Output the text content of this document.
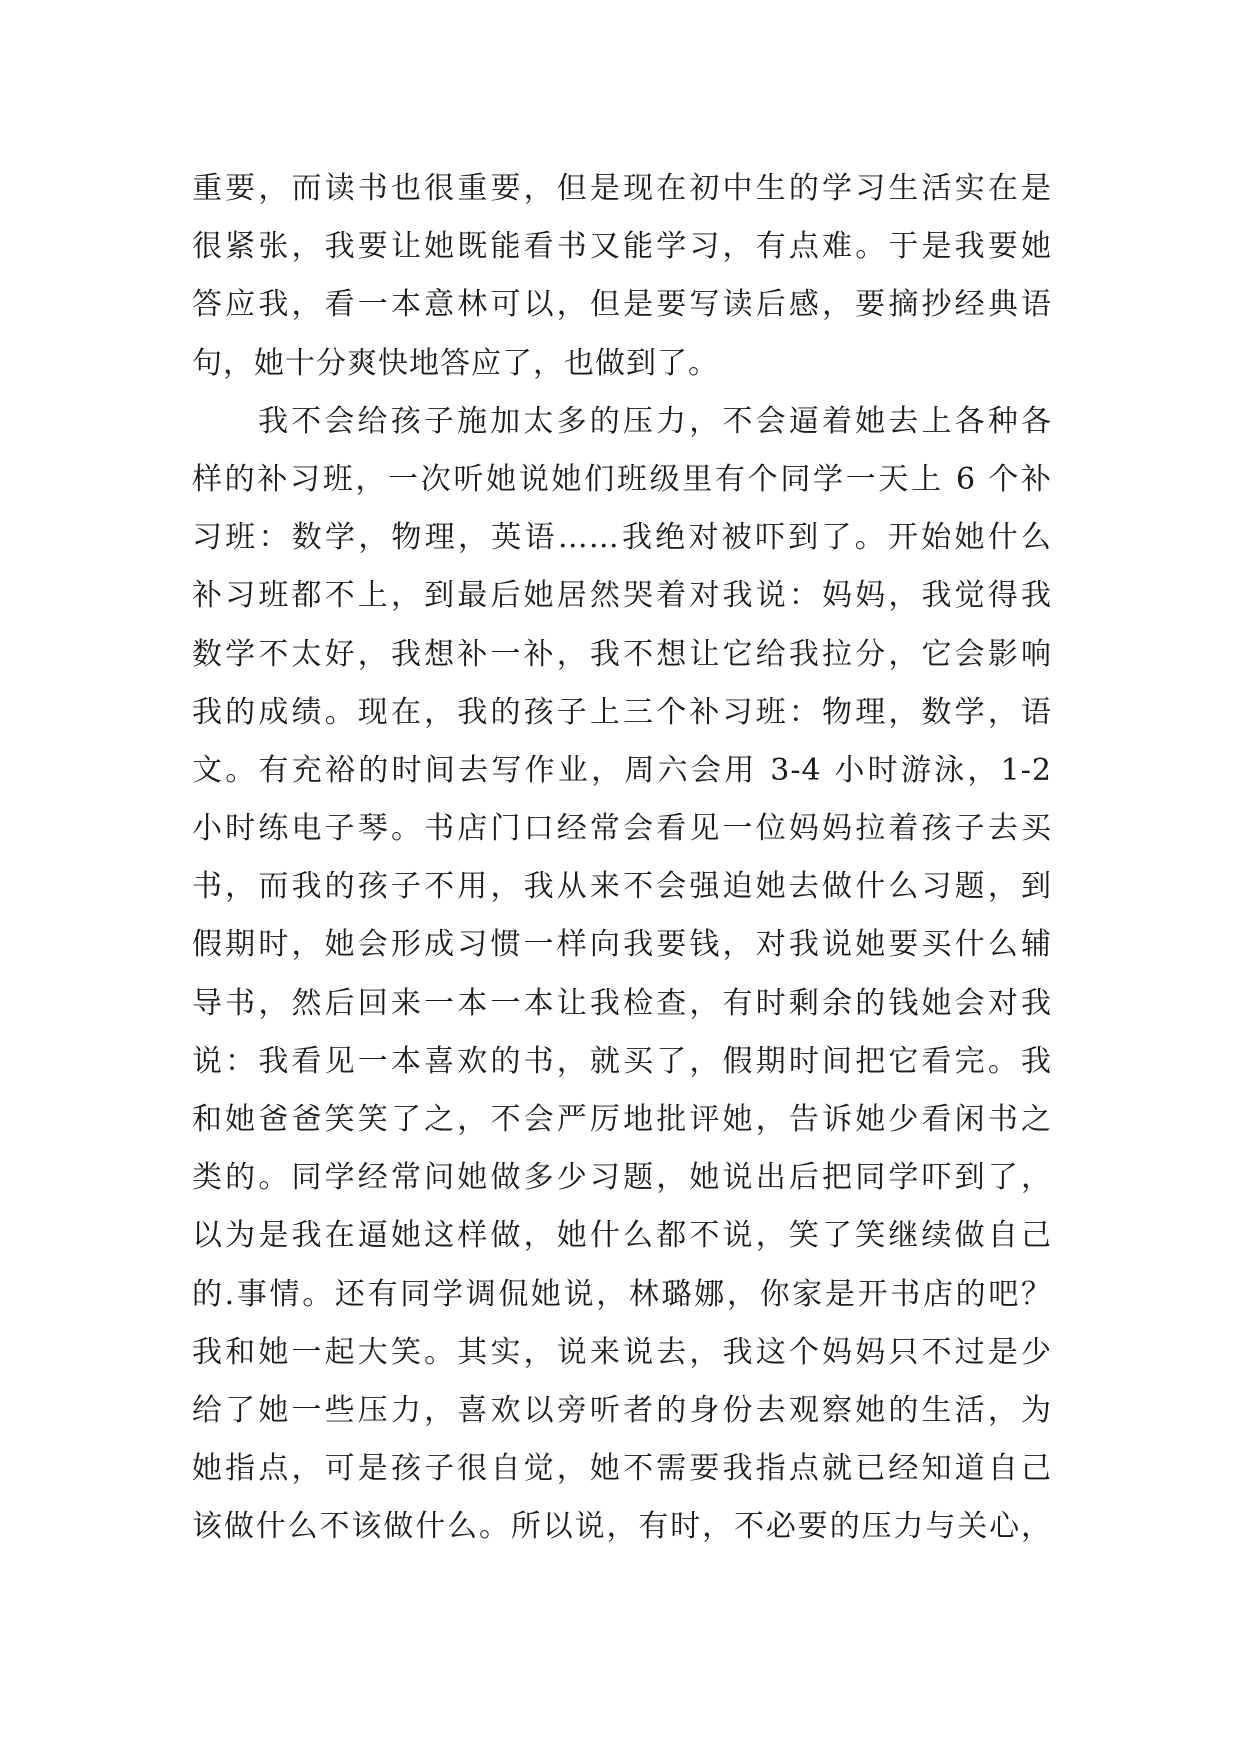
重要，而读书也很重要，但是现在初中生的学习生活实在是
很紧张，我要让她既能看书又能学习，有点难。于是我要她
答应我，看一本意林可以，但是要写读后感，要摘抄经典语
句，她十分爽快地答应了，也做到了。
我不会给孩子施加太多的压力，不会逼着她去上各种各
样的补习班，一次听她说她们班级里有个同学一天上 6 个补
习班：数学，物理，英语……我绝对被吓到了。开始她什么
补习班都不上，到最后她居然哭着对我说：妈妈，我觉得我
数学不太好，我想补一补，我不想让它给我拉分，它会影响
我的成绩。现在，我的孩子上三个补习班：物理，数学，语
文。有充裕的时间去写作业，周六会用 3-4 小时游泳，1-2
小时练电子琴。书店门口经常会看见一位妈妈拉着孩子去买
书，而我的孩子不用，我从来不会强迫她去做什么习题，到
假期时，她会形成习惯一样向我要钱，对我说她要买什么辅
导书，然后回来一本一本让我检查，有时剩余的钱她会对我
说：我看见一本喜欢的书，就买了，假期时间把它看完。我
和她爸爸笑笑了之，不会严厉地批评她，告诉她少看闲书之
类的。同学经常问她做多少习题，她说出后把同学吓到了，
以为是我在逼她这样做，她什么都不说，笑了笑继续做自己
的.事情。还有同学调侃她说，林璐娜，你家是开书店的吧？
我和她一起大笑。其实，说来说去，我这个妈妈只不过是少
给了她一些压力，喜欢以旁听者的身份去观察她的生活，为
她指点，可是孩子很自觉，她不需要我指点就已经知道自己
该做什么不该做什么。所以说，有时，不必要的压力与关心，
